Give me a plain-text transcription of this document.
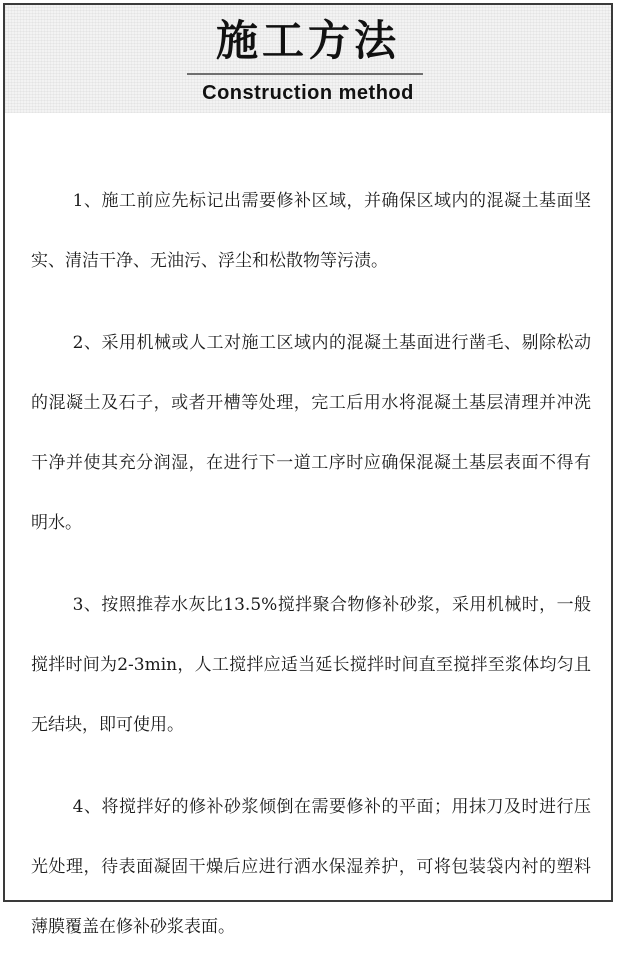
施工方法
Construction method

1、施工前应先标记出需要修补区域，并确保区域内的混凝土基面坚实、清洁干净、无油污、浮尘和松散物等污渍。

2、采用机械或人工对施工区域内的混凝土基面进行凿毛、剔除松动的混凝土及石子，或者开槽等处理，完工后用水将混凝土基层清理并冲洗干净并使其充分润湿，在进行下一道工序时应确保混凝土基层表面不得有明水。

3、按照推荐水灰比13.5%搅拌聚合物修补砂浆，采用机械时，一般搅拌时间为2-3min，人工搅拌应适当延长搅拌时间直至搅拌至浆体均匀且无结块，即可使用。

4、将搅拌好的修补砂浆倾倒在需要修补的平面；用抹刀及时进行压光处理，待表面凝固干燥后应进行洒水保湿养护，可将包装袋内衬的塑料薄膜覆盖在修补砂浆表面。
